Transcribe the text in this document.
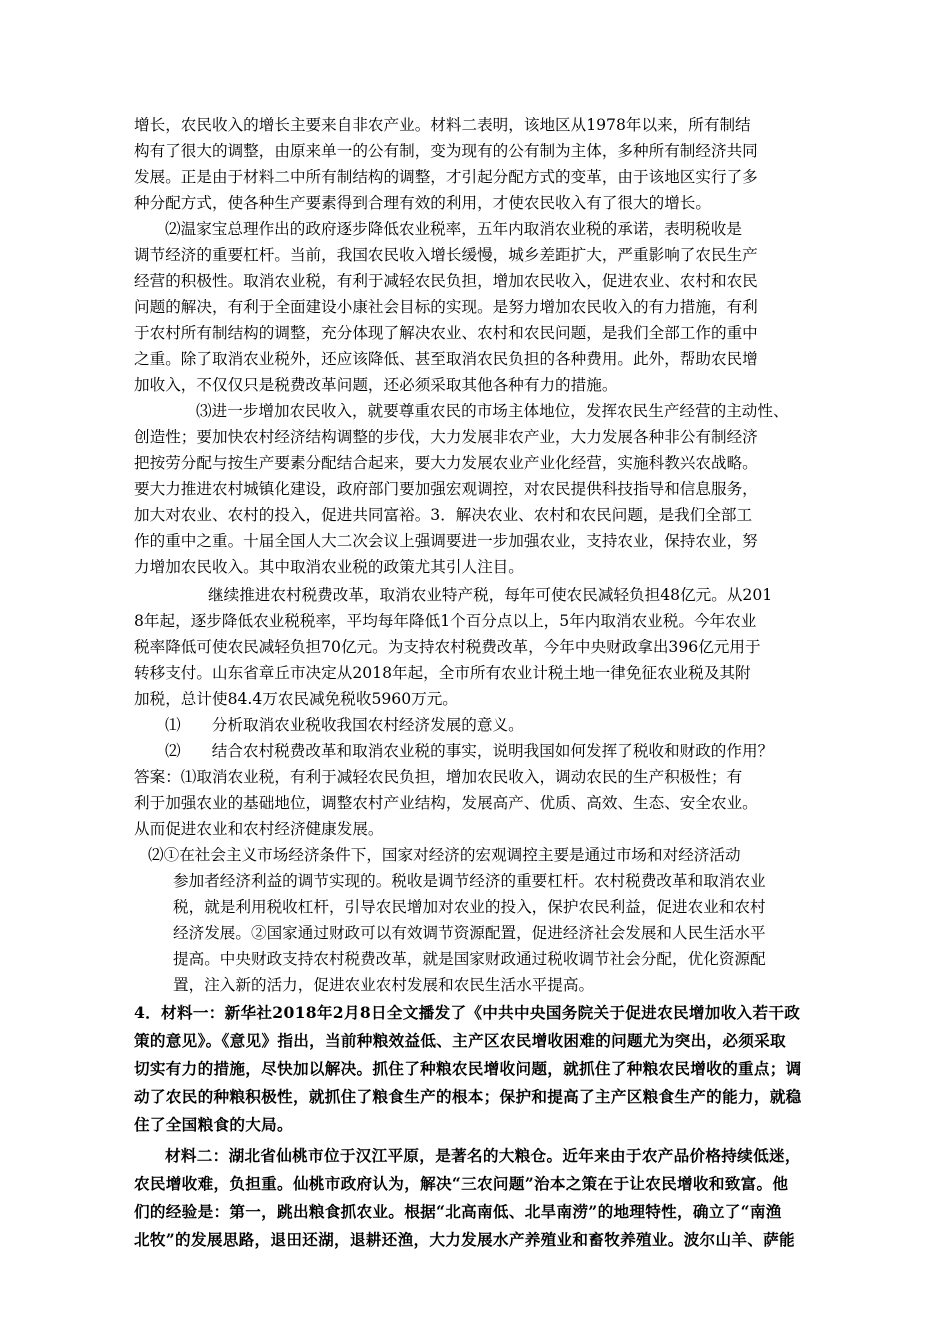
增长，农民收入的增长主要来自非农产业。材料二表明，该地区从1978年以来，所有制结
构有了很大的调整，由原来单一的公有制，变为现有的公有制为主体，多种所有制经济共同
发展。正是由于材料二中所有制结构的调整，才引起分配方式的变革，由于该地区实行了多
种分配方式，使各种生产要素得到合理有效的利用，才使农民收入有了很大的增长。
⑵温家宝总理作出的政府逐步降低农业税率，五年内取消农业税的承诺，表明税收是
调节经济的重要杠杆。当前，我国农民收入增长缓慢，城乡差距扩大，严重影响了农民生产
经营的积极性。取消农业税，有利于减轻农民负担，增加农民收入，促进农业、农村和农民
问题的解决，有利于全面建设小康社会目标的实现。是努力增加农民收入的有力措施，有利
于农村所有制结构的调整，充分体现了解决农业、农村和农民问题，是我们全部工作的重中
之重。除了取消农业税外，还应该降低、甚至取消农民负担的各种费用。此外，帮助农民增
加收入，不仅仅只是税费改革问题，还必须采取其他各种有力的措施。
⑶进一步增加农民收入，就要尊重农民的市场主体地位，发挥农民生产经营的主动性、
创造性；要加快农村经济结构调整的步伐，大力发展非农产业，大力发展各种非公有制经济
把按劳分配与按生产要素分配结合起来，要大力发展农业产业化经营，实施科教兴农战略。
要大力推进农村城镇化建设，政府部门要加强宏观调控，对农民提供科技指导和信息服务，
加大对农业、农村的投入，促进共同富裕。3．解决农业、农村和农民问题，是我们全部工
作的重中之重。十届全国人大二次会议上强调要进一步加强农业，支持农业，保持农业，努
力增加农民收入。其中取消农业税的政策尤其引人注目。
继续推进农村税费改革，取消农业特产税，每年可使农民减轻负担48亿元。从201
8年起，逐步降低农业税税率，平均每年降低1个百分点以上，5年内取消农业税。今年农业
税率降低可使农民减轻负担70亿元。为支持农村税费改革，今年中央财政拿出396亿元用于
转移支付。山东省章丘市决定从2018年起，全市所有农业计税土地一律免征农业税及其附
加税，总计使84.4万农民减免税收5960万元。
⑴　　分析取消农业税收我国农村经济发展的意义。
⑵　　结合农村税费改革和取消农业税的事实，说明我国如何发挥了税收和财政的作用？
答案：⑴取消农业税，有利于减轻农民负担，增加农民收入，调动农民的生产积极性；有
利于加强农业的基础地位，调整农村产业结构，发展高产、优质、高效、生态、安全农业。
从而促进农业和农村经济健康发展。
⑵①在社会主义市场经济条件下，国家对经济的宏观调控主要是通过市场和对经济活动
参加者经济利益的调节实现的。税收是调节经济的重要杠杆。农村税费改革和取消农业
税，就是利用税收杠杆，引导农民增加对农业的投入，保护农民利益，促进农业和农村
经济发展。②国家通过财政可以有效调节资源配置，促进经济社会发展和人民生活水平
提高。中央财政支持农村税费改革，就是国家财政通过税收调节社会分配，优化资源配
置，注入新的活力，促进农业农村发展和农民生活水平提高。
4．材料一：新华社2018年2月8日全文播发了《中共中央国务院关于促进农民增加收入若干政
策的意见》。《意见》指出，当前种粮效益低、主产区农民增收困难的问题尤为突出，必须采取
切实有力的措施，尽快加以解决。抓住了种粮农民增收问题，就抓住了种粮农民增收的重点；调
动了农民的种粮积极性，就抓住了粮食生产的根本；保护和提高了主产区粮食生产的能力，就稳
住了全国粮食的大局。
材料二：湖北省仙桃市位于汉江平原，是著名的大粮仓。近年来由于农产品价格持续低迷，
农民增收难，负担重。仙桃市政府认为，解决“三农问题”治本之策在于让农民增收和致富。他
们的经验是：第一，跳出粮食抓农业。根据“北高南低、北旱南涝”的地理特性，确立了“南渔
北牧”的发展思路，退田还湖，退耕还渔，大力发展水产养殖业和畜牧养殖业。波尔山羊、萨能
